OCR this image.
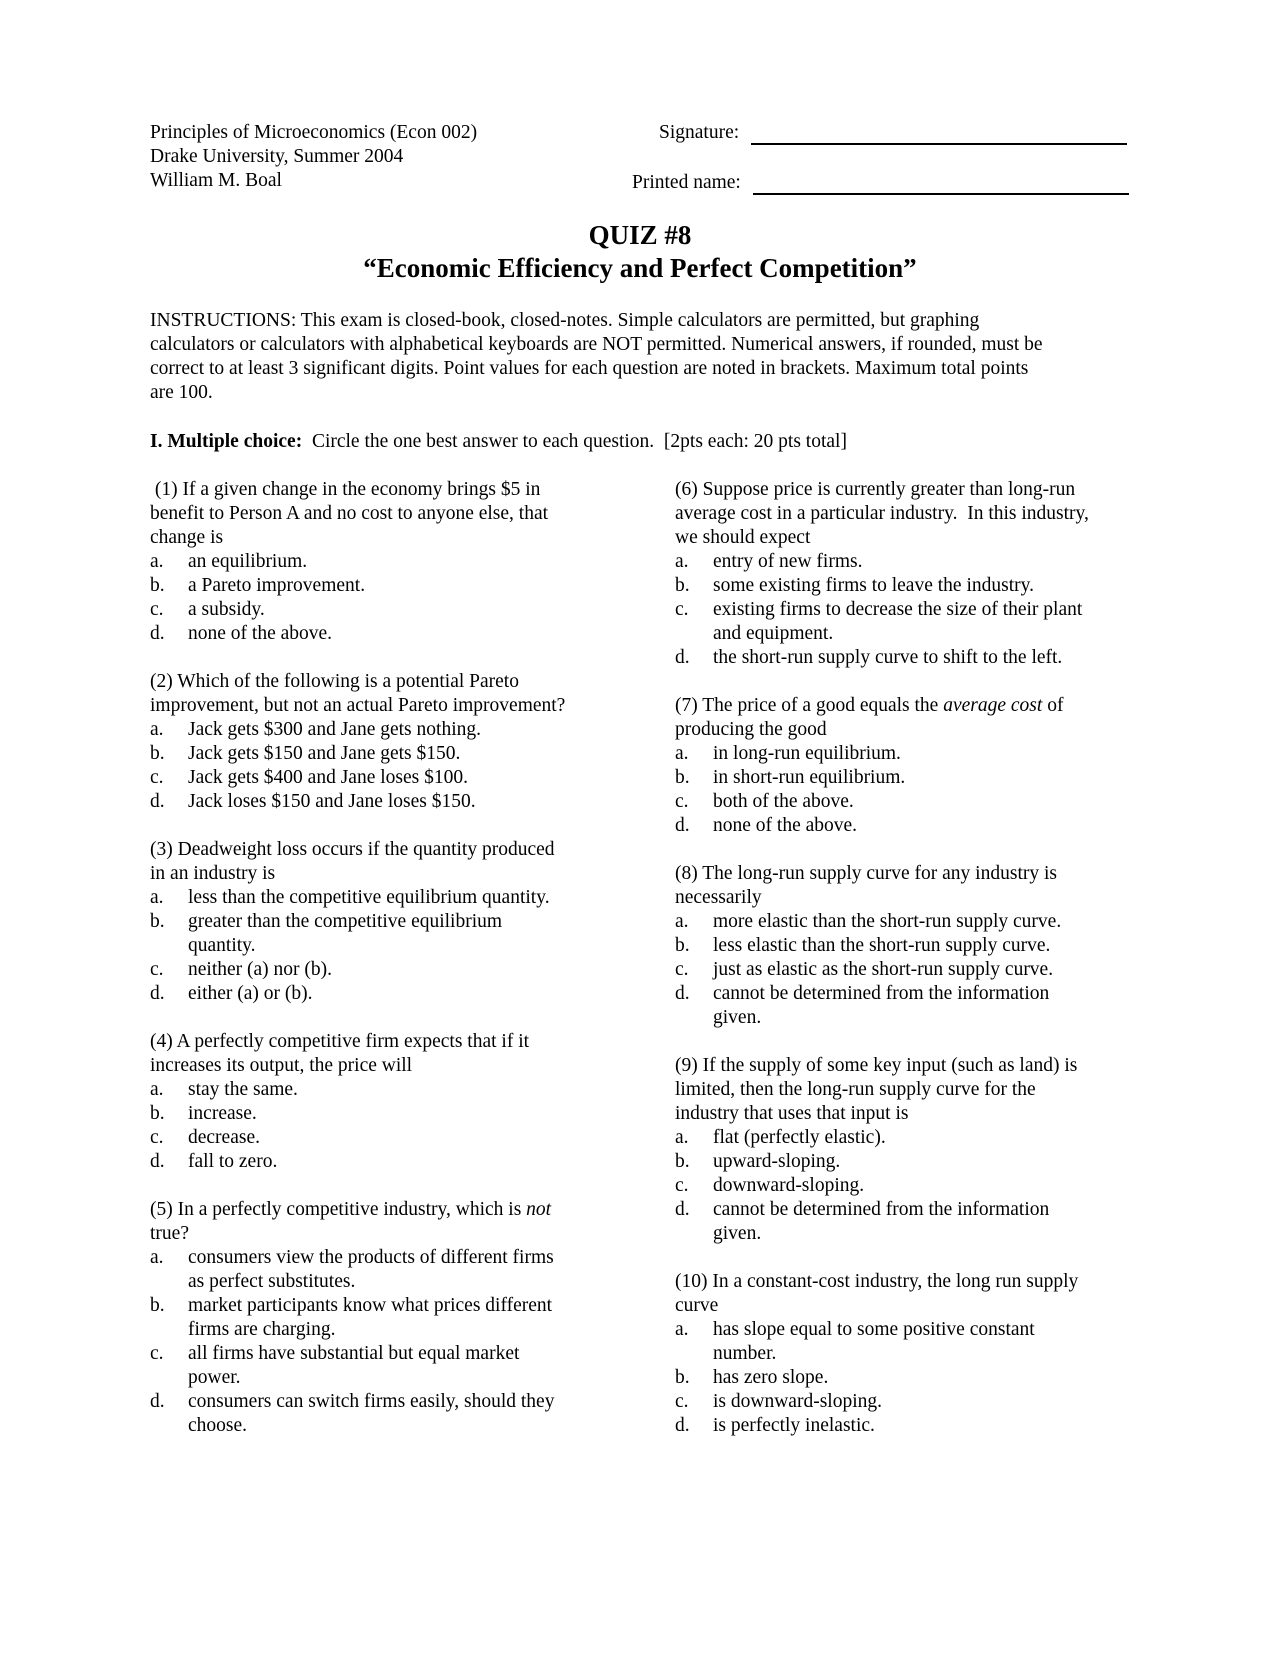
Principles of Microeconomics (Econ 002)
Drake University, Summer 2004
William M. Boal
Signature:
Printed name:
QUIZ #8
“Economic Efficiency and Perfect Competition”

INSTRUCTIONS: This exam is closed-book, closed-notes. Simple calculators are permitted, but graphing

calculators or calculators with alphabetical keyboards are NOT permitted. Numerical answers, if rounded, must be

correct to at least 3 significant digits. Point values for each question are noted in brackets. Maximum total points

are 100.

I. Multiple choice:  Circle the one best answer to each question.  [2pts each: 20 pts total]
(1) If a given change in the economy brings $5 in
benefit to Person A and no cost to anyone else, that
change is
a.	an equilibrium.
b.	a Pareto improvement.
c.	a subsidy.
d.	none of the above.
(2) Which of the following is a potential Pareto
improvement, but not an actual Pareto improvement?
a.	Jack gets $300 and Jane gets nothing.
b.	Jack gets $150 and Jane gets $150.
c.	Jack gets $400 and Jane loses $100.
d.	Jack loses $150 and Jane loses $150.
(3) Deadweight loss occurs if the quantity produced
in an industry is
a.	less than the competitive equilibrium quantity.
b.	greater than the competitive equilibrium
quantity.
c.	neither (a) nor (b).
d.	either (a) or (b).
(4) A perfectly competitive firm expects that if it
increases its output, the price will
a.	stay the same.
b.	increase.
c.	decrease.
d.	fall to zero.
(5) In a perfectly competitive industry, which is not
true?
a.	consumers view the products of different firms
as perfect substitutes.
b.	market participants know what prices different
firms are charging.
c.	all firms have substantial but equal market
power.
d.	consumers can switch firms easily, should they
choose.
(6) Suppose price is currently greater than long-run
average cost in a particular industry.  In this industry,
we should expect
a.	entry of new firms.
b.	some existing firms to leave the industry.
c.	existing firms to decrease the size of their plant
and equipment.
d.	the short-run supply curve to shift to the left.
(7) The price of a good equals the average cost of
producing the good
a.	in long-run equilibrium.
b.	in short-run equilibrium.
c.	both of the above.
d.	none of the above.
(8) The long-run supply curve for any industry is
necessarily
a.	more elastic than the short-run supply curve.
b.	less elastic than the short-run supply curve.
c.	just as elastic as the short-run supply curve.
d.	cannot be determined from the information
given.
(9) If the supply of some key input (such as land) is
limited, then the long-run supply curve for the
industry that uses that input is
a.	flat (perfectly elastic).
b.	upward-sloping.
c.	downward-sloping.
d.	cannot be determined from the information
given.
(10) In a constant-cost industry, the long run supply
curve
a.	has slope equal to some positive constant
number.
b.	has zero slope.
c.	is downward-sloping.
d.	is perfectly inelastic.
